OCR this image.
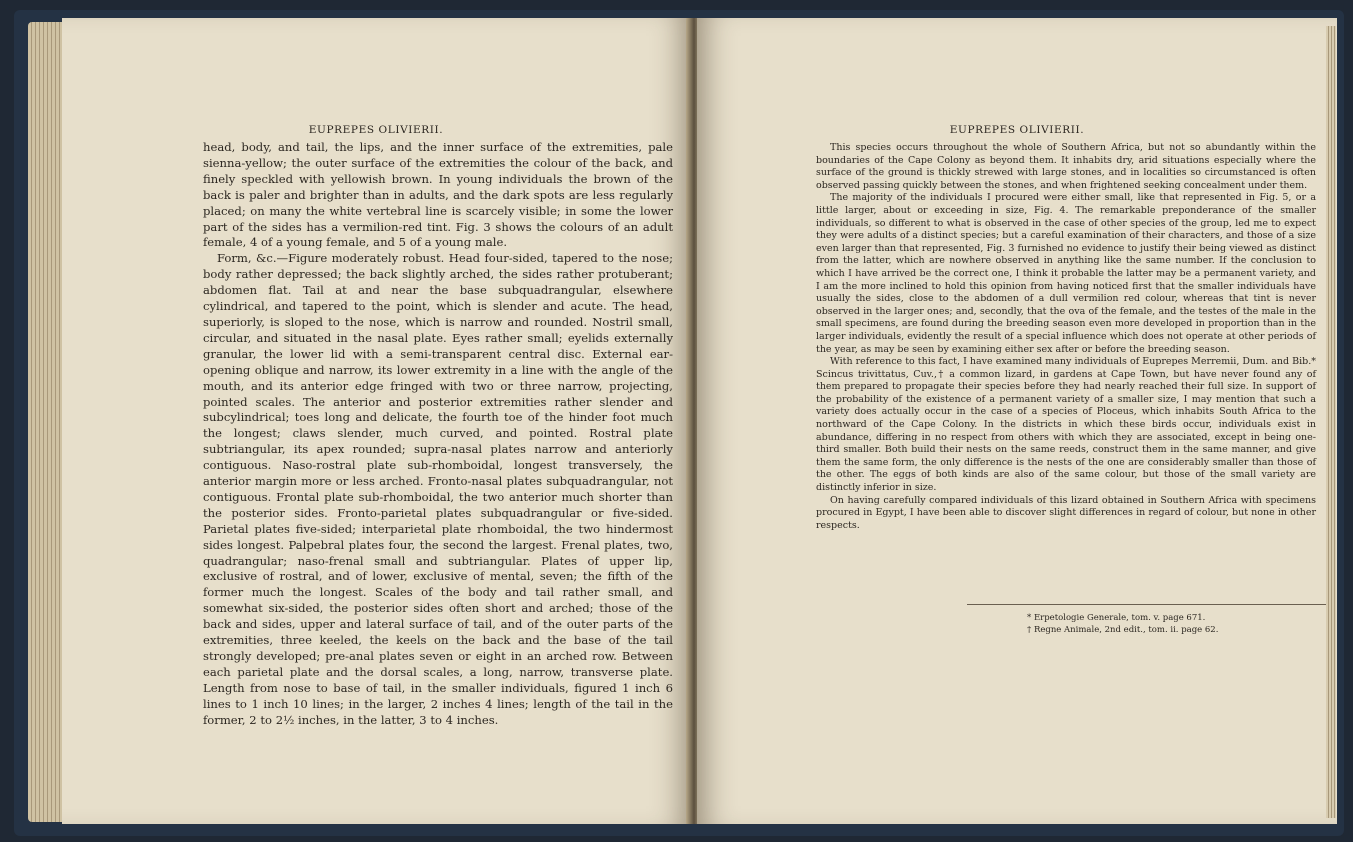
EUPREPES OLIVIERII.

head, body, and tail, the lips, and the inner surface of the extremities, pale sienna-yellow; the outer surface of the extremities the colour of the back, and finely speckled with yellowish brown. In young individuals the brown of the back is paler and brighter than in adults, and the dark spots are less regularly placed; on many the white vertebral line is scarcely visible; in some the lower part of the sides has a vermilion-red tint. Fig. 3 shows the colours of an adult female, 4 of a young female, and 5 of a young male.

Form, &c.—Figure moderately robust. Head four-sided, tapered to the nose; body rather depressed; the back slightly arched, the sides rather protuberant; abdomen flat. Tail at and near the base subquadrangular, elsewhere cylindrical, and tapered to the point, which is slender and acute. The head, superiorly, is sloped to the nose, which is narrow and rounded. Nostril small, circular, and situated in the nasal plate. Eyes rather small; eyelids externally granular, the lower lid with a semi-transparent central disc. External ear-opening oblique and narrow, its lower extremity in a line with the angle of the mouth, and its anterior edge fringed with two or three narrow, projecting, pointed scales. The anterior and posterior extremities rather slender and subcylindrical; toes long and delicate, the fourth toe of the hinder foot much the longest; claws slender, much curved, and pointed. Rostral plate subtriangular, its apex rounded; supra-nasal plates narrow and anteriorly contiguous. Naso-rostral plate sub-rhomboidal, longest transversely, the anterior margin more or less arched. Fronto-nasal plates subquadrangular, not contiguous. Frontal plate sub-rhomboidal, the two anterior much shorter than the posterior sides. Fronto-parietal plates subquadrangular or five-sided. Parietal plates five-sided; interparietal plate rhomboidal, the two hindermost sides longest. Palpebral plates four, the second the largest. Frenal plates, two, quadrangular; naso-frenal small and subtriangular. Plates of upper lip, exclusive of rostral, and of lower, exclusive of mental, seven; the fifth of the former much the longest. Scales of the body and tail rather small, and somewhat six-sided, the posterior sides often short and arched; those of the back and sides, upper and lateral surface of tail, and of the outer parts of the extremities, three keeled, the keels on the back and the base of the tail strongly developed; pre-anal plates seven or eight in an arched row. Between each parietal plate and the dorsal scales, a long, narrow, transverse plate. Length from nose to base of tail, in the smaller individuals, figured 1 inch 6 lines to 1 inch 10 lines; in the larger, 2 inches 4 lines; length of the tail in the former, 2 to 2½ inches, in the latter, 3 to 4 inches.

EUPREPES OLIVIERII.

This species occurs throughout the whole of Southern Africa, but not so abundantly within the boundaries of the Cape Colony as beyond them. It inhabits dry, arid situations especially where the surface of the ground is thickly strewed with large stones, and in localities so circumstanced is often observed passing quickly between the stones, and when frightened seeking concealment under them.

The majority of the individuals I procured were either small, like that represented in Fig. 5, or a little larger, about or exceeding in size, Fig. 4. The remarkable preponderance of the smaller individuals, so different to what is observed in the case of other species of the group, led me to expect they were adults of a distinct species; but a careful examination of their characters, and those of a size even larger than that represented, Fig. 3 furnished no evidence to justify their being viewed as distinct from the latter, which are nowhere observed in anything like the same number. If the conclusion to which I have arrived be the correct one, I think it probable the latter may be a permanent variety, and I am the more inclined to hold this opinion from having noticed first that the smaller individuals have usually the sides, close to the abdomen of a dull vermilion red colour, whereas that tint is never observed in the larger ones; and, secondly, that the ova of the female, and the testes of the male in the small specimens, are found during the breeding season even more developed in proportion than in the larger individuals, evidently the result of a special influence which does not operate at other periods of the year, as may be seen by examining either sex after or before the breeding season.

With reference to this fact, I have examined many individuals of Euprepes Merremii, Dum. and Bib.* Scincus trivittatus, Cuv.,† a common lizard, in gardens at Cape Town, but have never found any of them prepared to propagate their species before they had nearly reached their full size. In support of the probability of the existence of a permanent variety of a smaller size, I may mention that such a variety does actually occur in the case of a species of Ploceus, which inhabits South Africa to the northward of the Cape Colony. In the districts in which these birds occur, individuals exist in abundance, differing in no respect from others with which they are associated, except in being one-third smaller. Both build their nests on the same reeds, construct them in the same manner, and give them the same form, the only difference is the nests of the one are considerably smaller than those of the other. The eggs of both kinds are also of the same colour, but those of the small variety are distinctly inferior in size.

On having carefully compared individuals of this lizard obtained in Southern Africa with specimens procured in Egypt, I have been able to discover slight differences in regard of colour, but none in other respects.

* Erpetologie Generale, tom. v. page 671.
† Regne Animale, 2nd edit., tom. ii. page 62.
